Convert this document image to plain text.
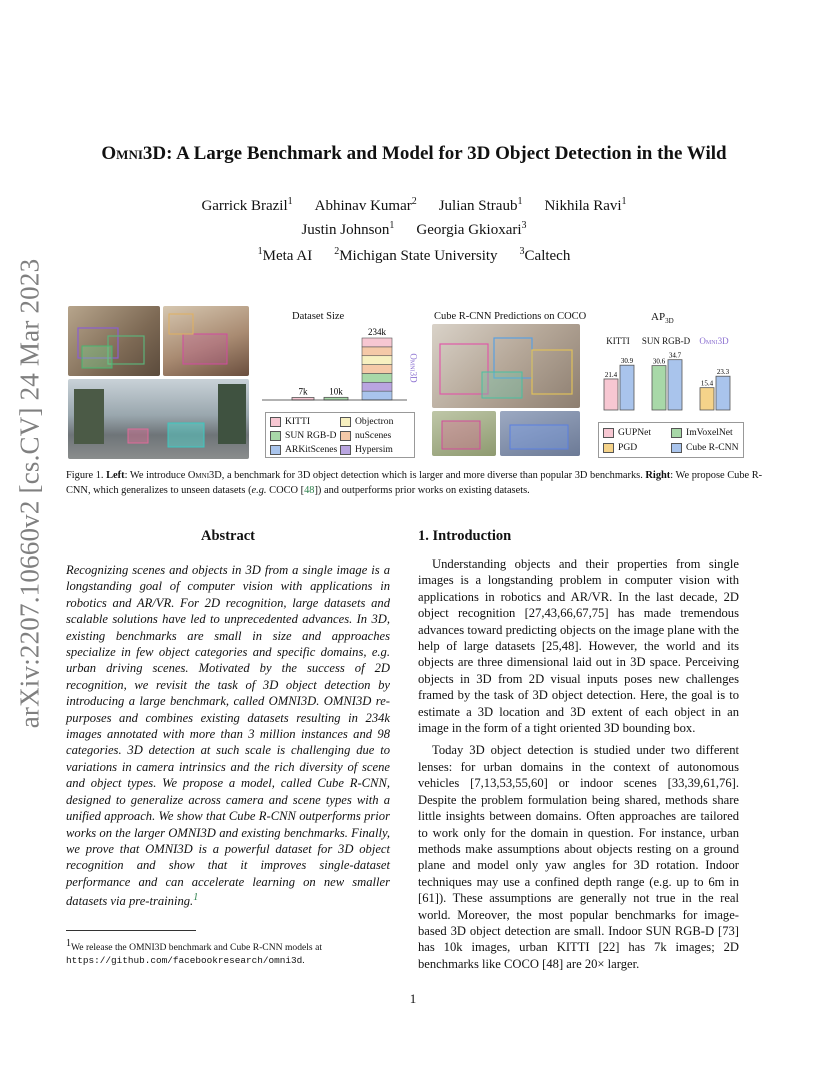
arXiv:2207.10660v2 [cs.CV] 24 Mar 2023
Omni3D: A Large Benchmark and Model for 3D Object Detection in the Wild
Garrick Brazil$^1$ Abhinav Kumar$^2$ Julian Straub$^1$ Nikhila Ravi$^1$
Justin Johnson$^1$ Georgia Gkioxari$^3$
$^1$Meta AI $^2$Michigan State University $^3$Caltech
Dataset Size
7k 10k
234k
Omni3D
KITTI	Objectron
SUN RGB-D	nuScenes
ARKitScenes	Hypersim
Cube R-CNN Predictions on COCO	$AP_{3D}$
KITTI SUN RGB-D Omni3D
21.4
30.9	30.6
34.7
15.4
23.3
GUPNet	ImVoxelNet
PGD	Cube R-CNN
Figure 1. Left: We introduce Omni3D, a benchmark for 3D object detection which is larger and more diverse than popular 3D benchmarks. Right: We propose Cube R-CNN, which generalizes to unseen datasets (e.g. COCO [48]) and outperforms prior works on existing datasets.
Abstract
Recognizing scenes and objects in 3D from a single image is a longstanding goal of computer vision with applications in robotics and AR/VR. For 2D recognition, large datasets and scalable solutions have led to unprecedented advances. In 3D, existing benchmarks are small in size and approaches specialize in few object categories and specific domains, e.g. urban driving scenes. Motivated by the success of 2D recognition, we revisit the task of 3D object detection by introducing a large benchmark, called OMNI3D. OMNI3D re-purposes and combines existing datasets resulting in 234k images annotated with more than 3 million instances and 98 categories. 3D detection at such scale is challenging due to variations in camera intrinsics and the rich diversity of scene and object types. We propose a model, called Cube R-CNN, designed to generalize across camera and scene types with a unified approach. We show that Cube R-CNN outperforms prior works on the larger OMNI3D and existing benchmarks. Finally, we prove that OMNI3D is a powerful dataset for 3D object recognition and show that it improves single-dataset performance and can accelerate learning on new smaller datasets via pre-training.$^1$
$^1$We release the OMNI3D benchmark and Cube R-CNN models at
https://github.com/facebookresearch/omni3d.
1. Introduction

Understanding objects and their properties from single images is a longstanding problem in computer vision with applications in robotics and AR/VR. In the last decade, 2D object recognition [27,43,66,67,75] has made tremendous advances toward predicting objects on the image plane with the help of large datasets [25,48]. However, the world and its objects are three dimensional laid out in 3D space. Perceiving objects in 3D from 2D visual inputs poses new challenges framed by the task of 3D object detection. Here, the goal is to estimate a 3D location and 3D extent of each object in an image in the form of a tight oriented 3D bounding box.

Today 3D object detection is studied under two different lenses: for urban domains in the context of autonomous vehicles [7,13,53,55,60] or indoor scenes [33,39,61,76]. Despite the problem formulation being shared, methods share little insights between domains. Often approaches are tailored to work only for the domain in question. For instance, urban methods make assumptions about objects resting on a ground plane and model only yaw angles for 3D rotation. Indoor techniques may use a confined depth range (e.g. up to 6m in [61]). These assumptions are generally not true in the real world. Moreover, the most popular benchmarks for image-based 3D object detection are small. Indoor SUN RGB-D [73] has 10k images, urban KITTI [22] has 7k images; 2D benchmarks like COCO [48] are 20× larger.

1
